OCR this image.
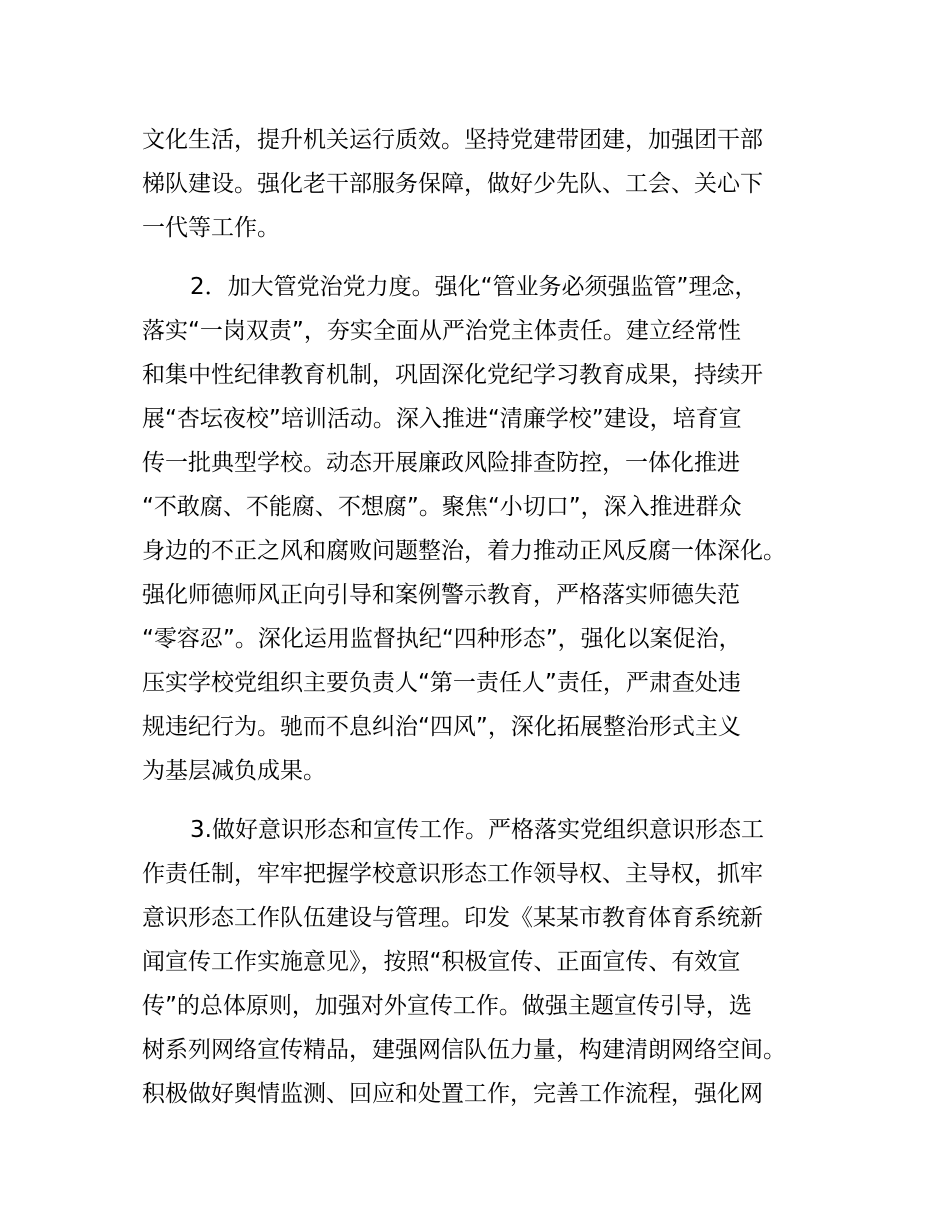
文化生活，提升机关运行质效。坚持党建带团建，加强团干部
梯队建设。强化老干部服务保障，做好少先队、工会、关心下
一代等工作。
2．加大管党治党力度。强化“管业务必须强监管”理念，
落实“一岗双责”，夯实全面从严治党主体责任。建立经常性
和集中性纪律教育机制，巩固深化党纪学习教育成果，持续开
展“杏坛夜校”培训活动。深入推进“清廉学校”建设，培育宣
传一批典型学校。动态开展廉政风险排查防控，一体化推进
“不敢腐、不能腐、不想腐”。聚焦“小切口”，深入推进群众
身边的不正之风和腐败问题整治，着力推动正风反腐一体深化。
强化师德师风正向引导和案例警示教育，严格落实师德失范
“零容忍”。深化运用监督执纪“四种形态”，强化以案促治，
压实学校党组织主要负责人“第一责任人”责任，严肃查处违
规违纪行为。驰而不息纠治“四风”，深化拓展整治形式主义
为基层减负成果。
3.做好意识形态和宣传工作。严格落实党组织意识形态工
作责任制，牢牢把握学校意识形态工作领导权、主导权，抓牢
意识形态工作队伍建设与管理。印发《某某市教育体育系统新
闻宣传工作实施意见》，按照“积极宣传、正面宣传、有效宣
传”的总体原则，加强对外宣传工作。做强主题宣传引导，选
树系列网络宣传精品，建强网信队伍力量，构建清朗网络空间。
积极做好舆情监测、回应和处置工作，完善工作流程，强化网
